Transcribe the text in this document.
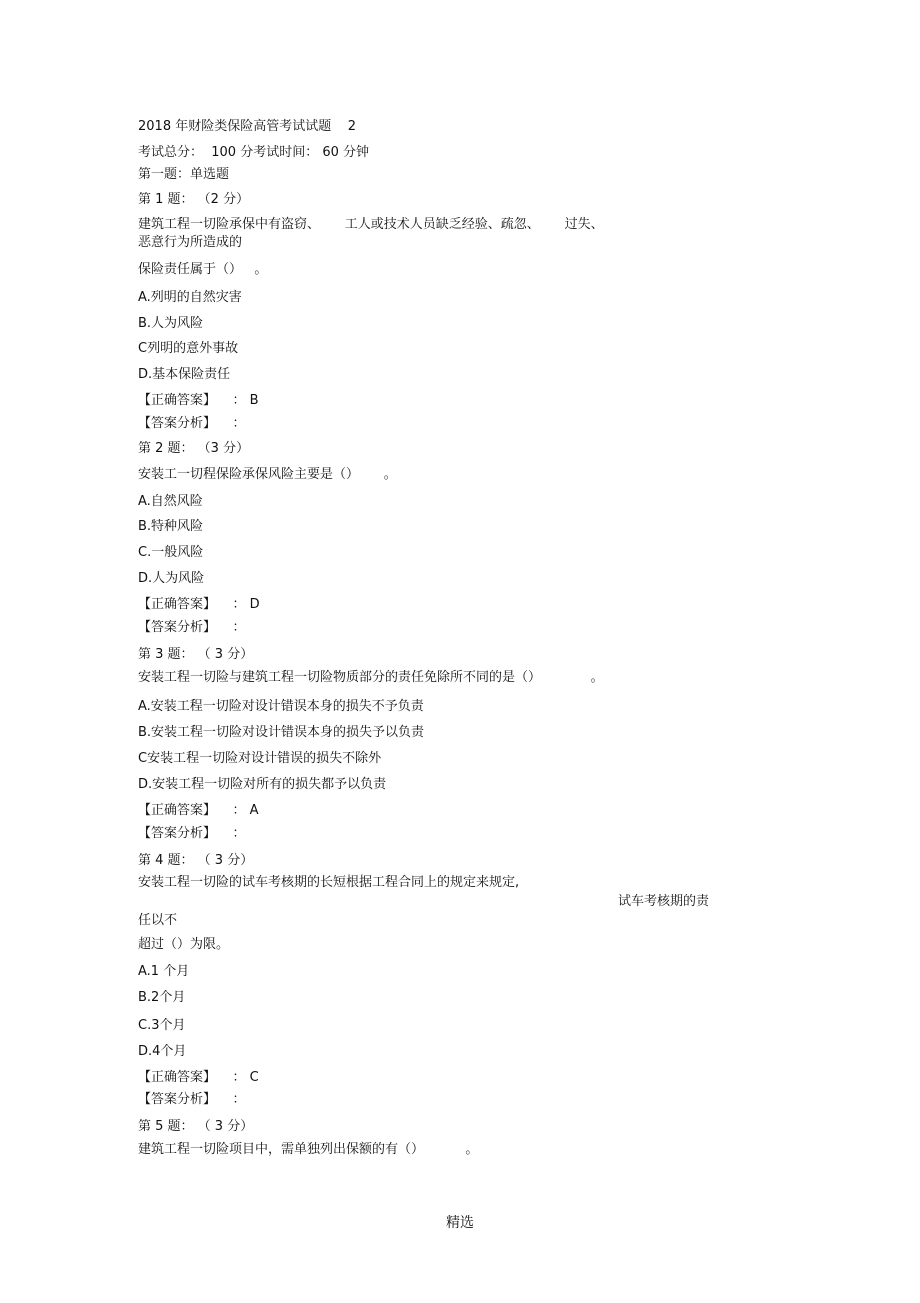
2018 年财险类保险高管考试试题    2
考试总分：  100 分考试时间： 60 分钟
第一题：单选题
第 1 题： （2 分）
建筑工程一切险承保中有盗窃、      工人或技术人员缺乏经验、疏忽、      过失、
恶意行为所造成的
保险责任属于（）   。
A.列明的自然灾害
B.人为风险
C列明的意外事故
D.基本保险责任
【正确答案】    ： B
【答案分析】    ：
第 2 题： （3 分）
安装工一切程保险承保风险主要是（）      。
A.自然风险
B.特种风险
C.一般风险
D.人为风险
【正确答案】    ： D
【答案分析】    ：
第 3 题： （ 3 分）
安装工程一切险与建筑工程一切险物质部分的责任免除所不同的是（）            。
A.安装工程一切险对设计错误本身的损失不予负责
B.安装工程一切险对设计错误本身的损失予以负责
C安装工程一切险对设计错误的损失不除外
D.安装工程一切险对所有的损失都予以负责
【正确答案】    ： A
【答案分析】    ：
第 4 题： （ 3 分）
安装工程一切险的试车考核期的长短根据工程合同上的规定来规定,
试车考核期的责
任以不
超过（）为限。
A.1 个月
B.2个月
C.3个月
D.4个月
【正确答案】    ： C
【答案分析】    ：
第 5 题： （ 3 分）
建筑工程一切险项目中，需单独列出保额的有（）          。
精选
